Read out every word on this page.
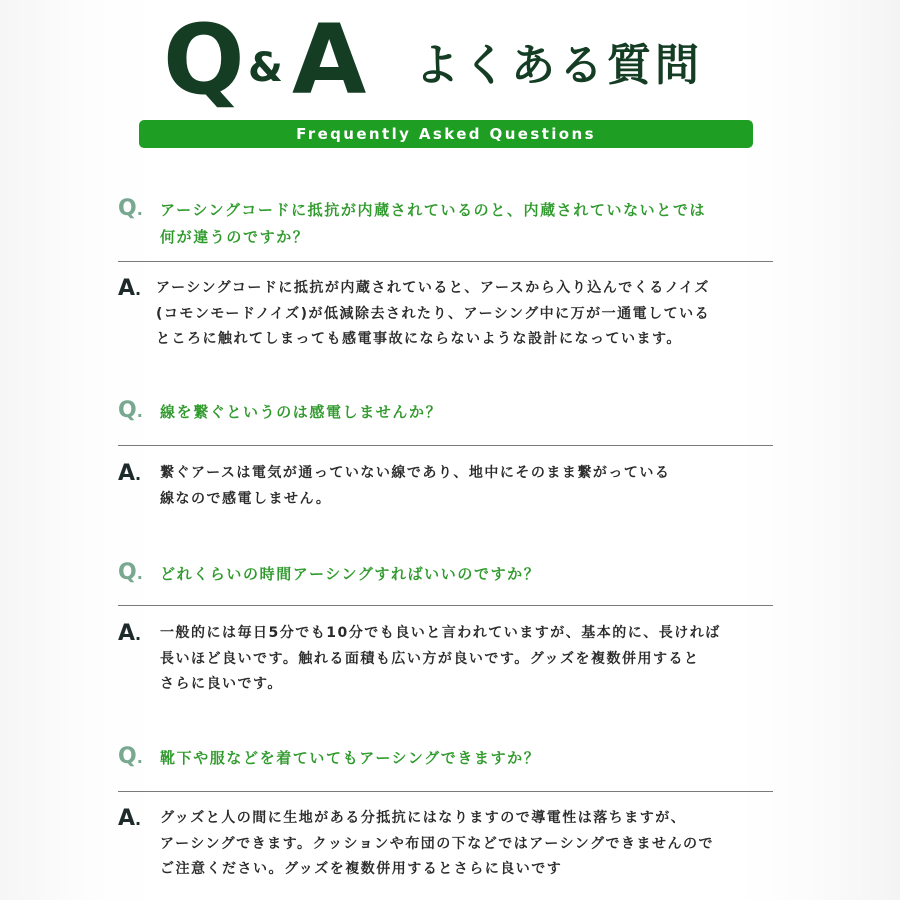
Q & A よくある質問
Frequently Asked Questions
Q. アーシングコードに抵抗が内蔵されているのと、内蔵されていないとでは
何が違うのですか？
A. アーシングコードに抵抗が内蔵されていると、アースから入り込んでくるノイズ
(コモンモードノイズ)が低減除去されたり、アーシング中に万が一通電している
ところに触れてしまっても感電事故にならないような設計になっています。
Q. 線を繋ぐというのは感電しませんか？
A. 繋ぐアースは電気が通っていない線であり、地中にそのまま繋がっている
線なので感電しません。
Q. どれくらいの時間アーシングすればいいのですか？
A. 一般的には毎日5分でも10分でも良いと言われていますが、基本的に、長ければ
長いほど良いです。触れる面積も広い方が良いです。グッズを複数併用すると
さらに良いです。
Q. 靴下や服などを着ていてもアーシングできますか？
A. グッズと人の間に生地がある分抵抗にはなりますので導電性は落ちますが、
アーシングできます。クッションや布団の下などではアーシングできませんので
ご注意ください。グッズを複数併用するとさらに良いです
